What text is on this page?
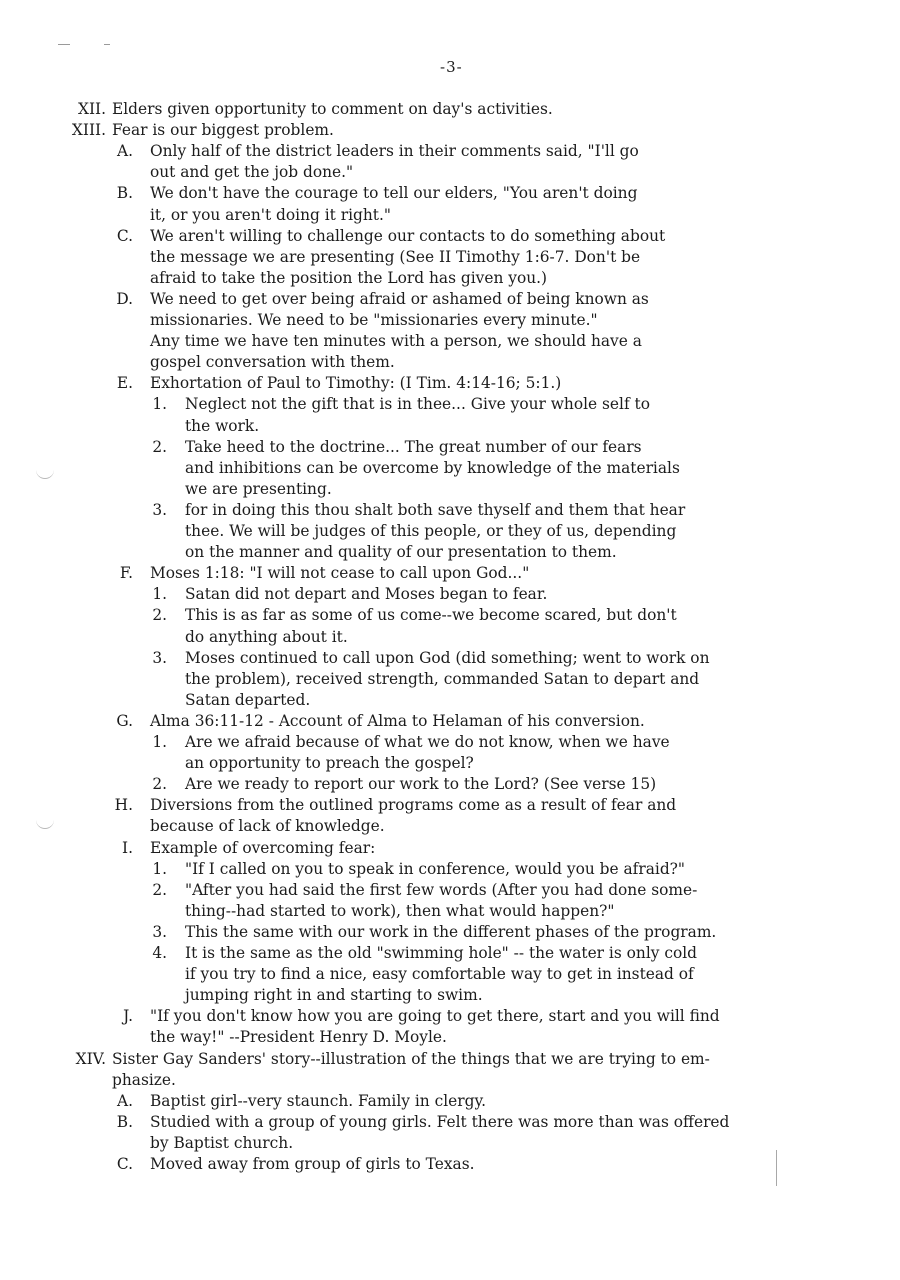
-3-
XII. Elders given opportunity to comment on day's activities.
XIII. Fear is our biggest problem.
A. Only half of the district leaders in their comments said, "I'll go
out and get the job done."
B. We don't have the courage to tell our elders, "You aren't doing
it, or you aren't doing it right."
C. We aren't willing to challenge our contacts to do something about
the message we are presenting (See II Timothy 1:6-7. Don't be
afraid to take the position the Lord has given you.)
D. We need to get over being afraid or ashamed of being known as
missionaries. We need to be "missionaries every minute."
Any time we have ten minutes with a person, we should have a
gospel conversation with them.
E. Exhortation of Paul to Timothy: (I Tim. 4:14-16; 5:1.)
1. Neglect not the gift that is in thee... Give your whole self to
the work.
2. Take heed to the doctrine... The great number of our fears
and inhibitions can be overcome by knowledge of the materials
we are presenting.
3. for in doing this thou shalt both save thyself and them that hear
thee. We will be judges of this people, or they of us, depending
on the manner and quality of our presentation to them.
F. Moses 1:18: "I will not cease to call upon God..."
1. Satan did not depart and Moses began to fear.
2. This is as far as some of us come--we become scared, but don't
do anything about it.
3. Moses continued to call upon God (did something; went to work on
the problem), received strength, commanded Satan to depart and
Satan departed.
G. Alma 36:11-12 - Account of Alma to Helaman of his conversion.
1. Are we afraid because of what we do not know, when we have
an opportunity to preach the gospel?
2. Are we ready to report our work to the Lord? (See verse 15)
H. Diversions from the outlined programs come as a result of fear and
because of lack of knowledge.
I. Example of overcoming fear:
1. "If I called on you to speak in conference, would you be afraid?"
2. "After you had said the first few words (After you had done some-
thing--had started to work), then what would happen?"
3. This the same with our work in the different phases of the program.
4. It is the same as the old "swimming hole" -- the water is only cold
if you try to find a nice, easy comfortable way to get in instead of
jumping right in and starting to swim.
J. "If you don't know how you are going to get there, start and you will find
the way!" --President Henry D. Moyle.
XIV. Sister Gay Sanders' story--illustration of the things that we are trying to em-
phasize.
A. Baptist girl--very staunch. Family in clergy.
B. Studied with a group of young girls. Felt there was more than was offered
by Baptist church.
C. Moved away from group of girls to Texas.
